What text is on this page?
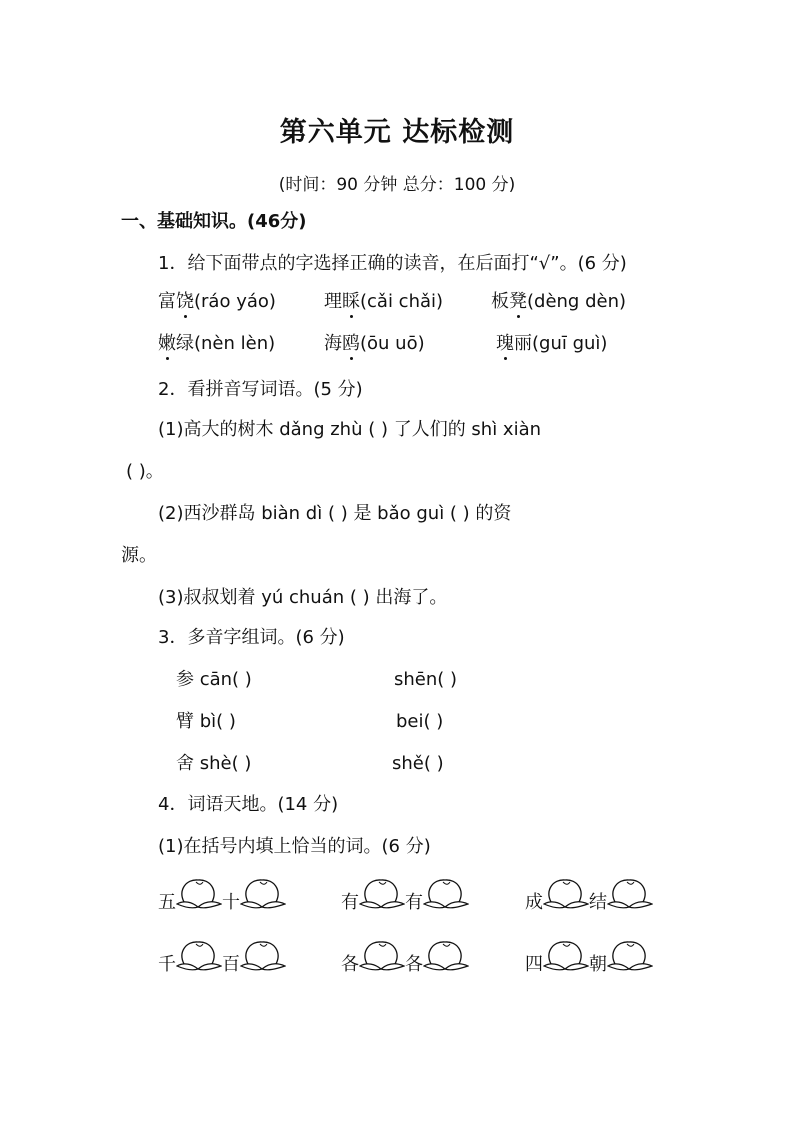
第六单元 达标检测
(时间：90 分钟 总分：100 分)
一、基础知识。(46分)
1．给下面带点的字选择正确的读音，在后面打“√”。(6 分)
富饶(ráo yáo)	理睬(cǎi chǎi)	板凳(dèng dèn)
嫩绿(nèn lèn)	海鸥(ōu uō)	瑰丽(guī guì)
2．看拼音写词语。(5 分)
(1)高大的树木 dǎng zhù ( ) 了人们的 shì xiàn
( )。
(2)西沙群岛 biàn dì ( ) 是 bǎo guì ( ) 的资
源。
(3)叔叔划着 yú chuán ( ) 出海了。
3．多音字组词。(6 分)
参 cān( )	shēn( )
臂 bì( )	bei( )
舍 shè( )	shě( )
4．词语天地。(14 分)
(1)在括号内填上恰当的词。(6 分)
五	十	有	有	成	结
千	百	各	各	四	朝
